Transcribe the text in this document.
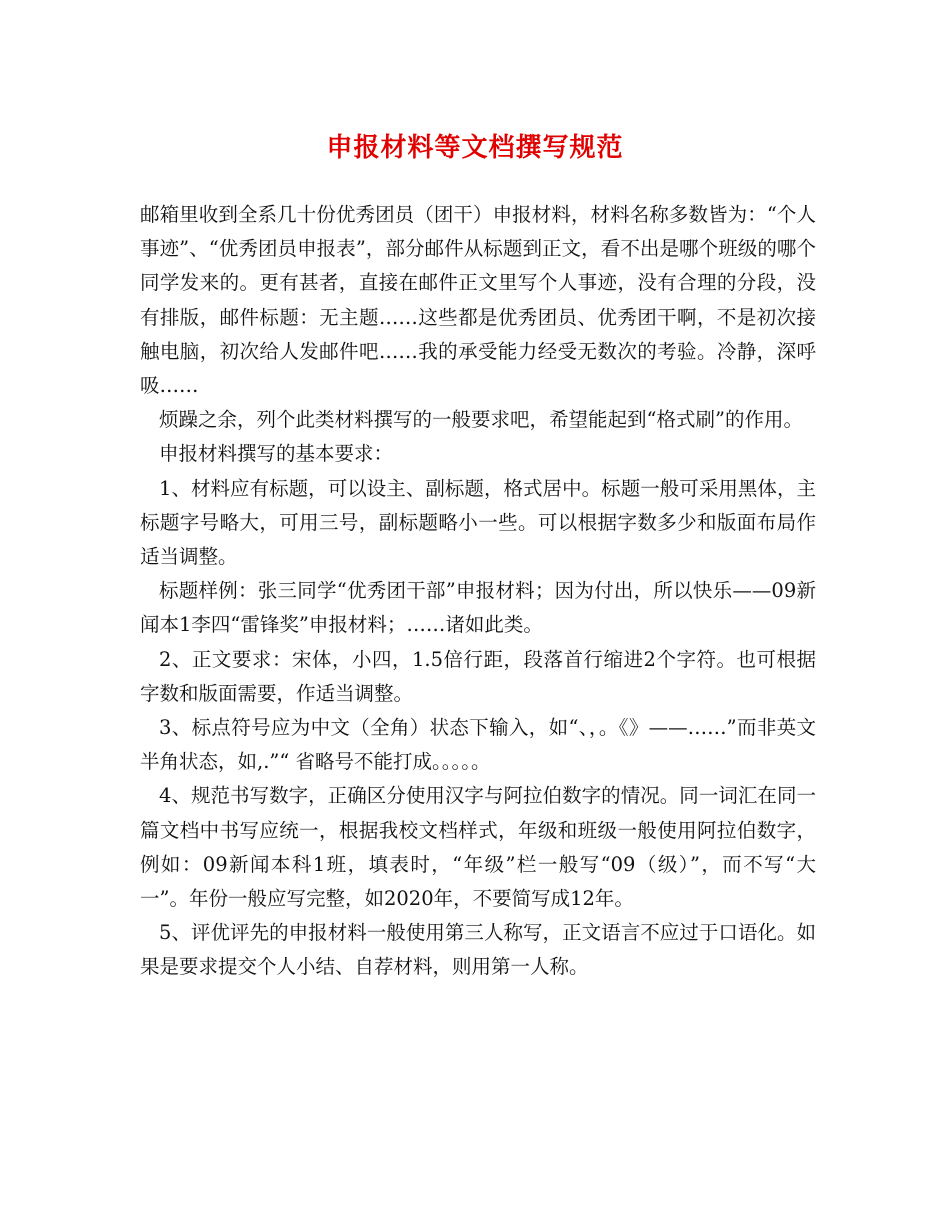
申报材料等文档撰写规范

邮箱里收到全系几十份优秀团员（团干）申报材料，材料名称多数皆为：“个人事迹”、“优秀团员申报表”，部分邮件从标题到正文，看不出是哪个班级的哪个同学发来的。更有甚者，直接在邮件正文里写个人事迹，没有合理的分段，没有排版，邮件标题：无主题……这些都是优秀团员、优秀团干啊，不是初次接触电脑，初次给人发邮件吧……我的承受能力经受无数次的考验。冷静，深呼吸……

烦躁之余，列个此类材料撰写的一般要求吧，希望能起到“格式刷”的作用。

申报材料撰写的基本要求：

1、材料应有标题，可以设主、副标题，格式居中。标题一般可采用黑体，主标题字号略大，可用三号，副标题略小一些。可以根据字数多少和版面布局作适当调整。

标题样例：张三同学“优秀团干部”申报材料；因为付出，所以快乐——09新闻本1李四“雷锋奖”申报材料；……诸如此类。

2、正文要求：宋体，小四，1.5倍行距，段落首行缩进2个字符。也可根据字数和版面需要，作适当调整。

3、标点符号应为中文（全角）状态下输入，如“、，。《》——……”而非英文半角状态，如,.”“ 省略号不能打成。。。。。

4、规范书写数字，正确区分使用汉字与阿拉伯数字的情况。同一词汇在同一篇文档中书写应统一，根据我校文档样式，年级和班级一般使用阿拉伯数字，例如：09新闻本科1班，填表时，“年级”栏一般写“09（级）”，而不写“大一”。年份一般应写完整，如2020年，不要简写成12年。

5、评优评先的申报材料一般使用第三人称写，正文语言不应过于口语化。如果是要求提交个人小结、自荐材料，则用第一人称。
